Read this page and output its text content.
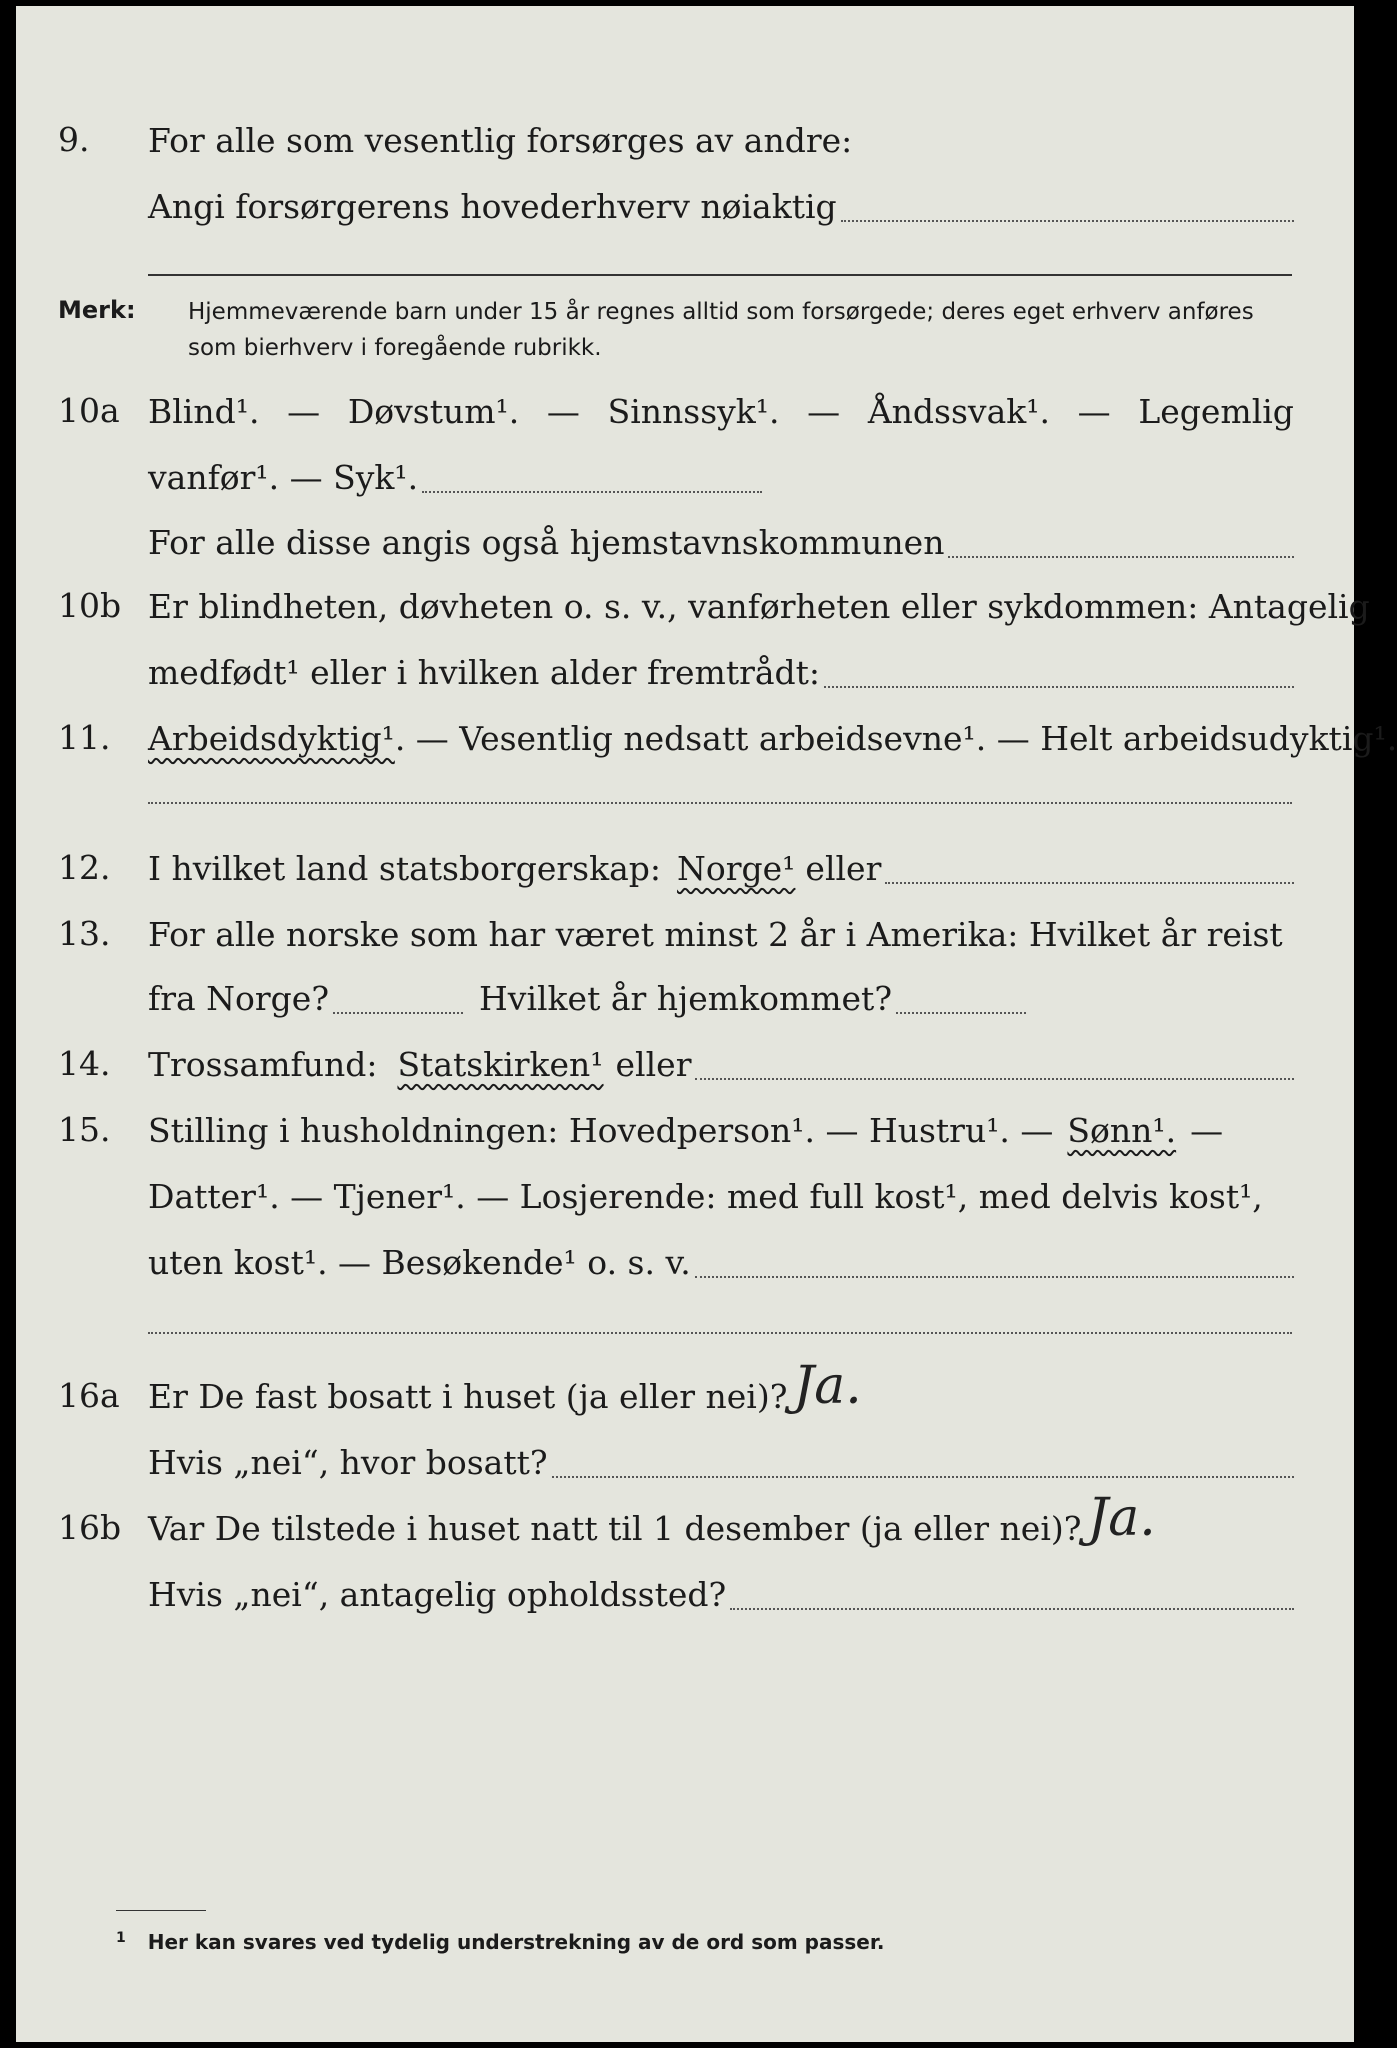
9. For alle som vesentlig forsørges av andre:
Angi forsørgerens hovederhverv nøiaktig
Merk: Hjemmeværende barn under 15 år regnes alltid som forsørgede; deres eget erhverv anføres som bierhverv i foregående rubrikk.
10a Blind¹. — Døvstum¹. — Sinnssyk¹. — Åndssvak¹. — Legemlig
vanfør¹. — Syk¹.
For alle disse angis også hjemstavnskommunen
10b Er blindheten, døvheten o. s. v., vanførheten eller sykdommen: Antagelig
medfødt¹ eller i hvilken alder fremtrådt:
11. Arbeidsdyktig¹ . — Vesentlig nedsatt arbeidsevne¹. — Helt arbeidsudyktig¹.
12. I hvilket land statsborgerskap: Norge¹ eller
13. For alle norske som har været minst 2 år i Amerika: Hvilket år reist
fra Norge?	Hvilket år hjemkommet?
14. Trossamfund: Statskirken¹ eller
15. Stilling i husholdningen: Hovedperson¹. — Hustru¹. — Sønn¹. —
Datter¹. — Tjener¹. — Losjerende: med full kost¹, med delvis kost¹,
uten kost¹. — Besøkende¹ o. s. v.
16a Er De fast bosatt i huset (ja eller nei)? Ja.
Hvis „nei“, hvor bosatt?
16b Var De tilstede i huset natt til 1 desember (ja eller nei)? Ja.
Hvis „nei“, antagelig opholdssted?
$^1$ Her kan svares ved tydelig understrekning av de ord som passer.
